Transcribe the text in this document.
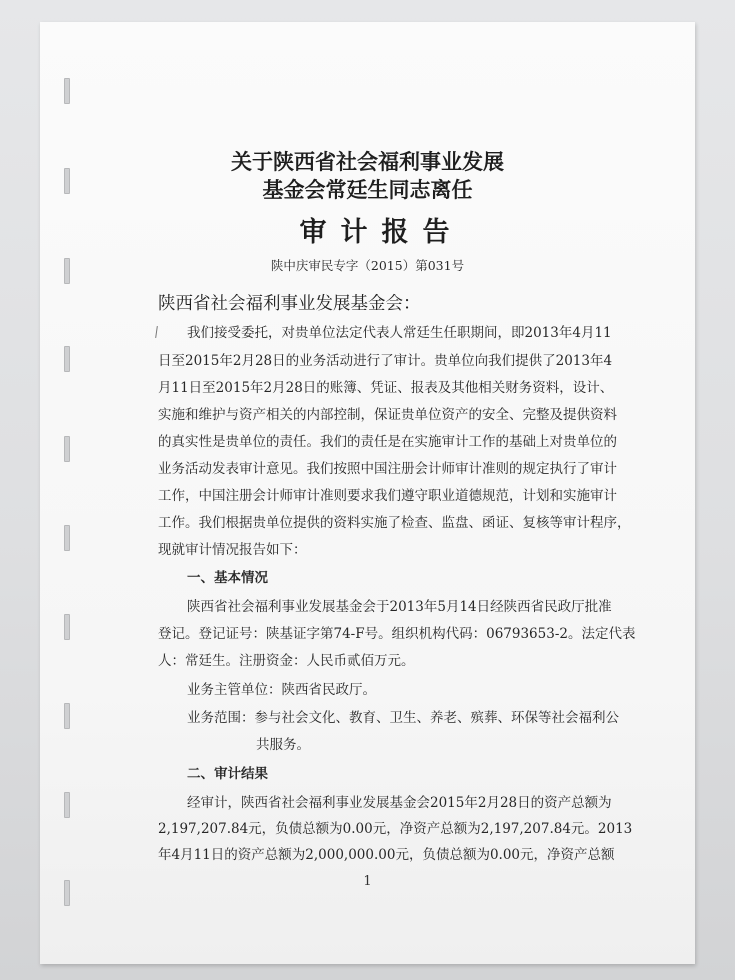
关于陕西省社会福利事业发展
基金会常廷生同志离任
审计报告
陕中庆审民专字（2015）第031号
陕西省社会福利事业发展基金会：
我们接受委托，对贵单位法定代表人常廷生任职期间，即2013年4月11
日至2015年2月28日的业务活动进行了审计。贵单位向我们提供了2013年4
月11日至2015年2月28日的账簿、凭证、报表及其他相关财务资料，设计、
实施和维护与资产相关的内部控制，保证贵单位资产的安全、完整及提供资料
的真实性是贵单位的责任。我们的责任是在实施审计工作的基础上对贵单位的
业务活动发表审计意见。我们按照中国注册会计师审计准则的规定执行了审计
工作，中国注册会计师审计准则要求我们遵守职业道德规范，计划和实施审计
工作。我们根据贵单位提供的资料实施了检查、监盘、函证、复核等审计程序，
现就审计情况报告如下：
一、基本情况
陕西省社会福利事业发展基金会于2013年5月14日经陕西省民政厅批准
登记。登记证号：陕基证字第74-F号。组织机构代码：06793653-2。法定代表
人：常廷生。注册资金：人民币贰佰万元。
业务主管单位：陕西省民政厅。
业务范围：参与社会文化、教育、卫生、养老、殡葬、环保等社会福利公
共服务。
二、审计结果
经审计，陕西省社会福利事业发展基金会2015年2月28日的资产总额为
2,197,207.84元，负债总额为0.00元，净资产总额为2,197,207.84元。2013
年4月11日的资产总额为2,000,000.00元，负债总额为0.00元，净资产总额
1
